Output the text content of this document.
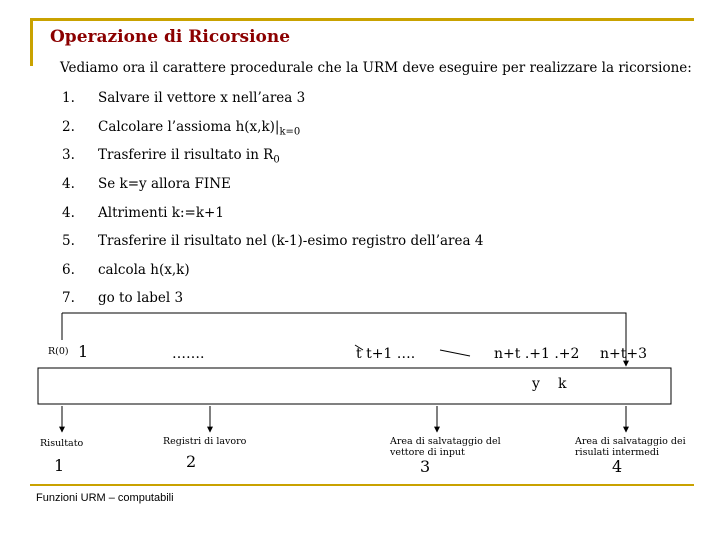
Operazione di Ricorsione
Vediamo ora il carattere procedurale che la URM deve eseguire per realizzare la ricorsione:
1. Salvare il vettore x nell’area 3
2. Calcolare l’assioma $h(x,k)|_{k=0}$
3. Trasferire il risultato in $R_0$
4. Se k=y allora FINE
4. Altrimenti k:=k+1
5. Trasferire il risultato nel (k-1)-esimo registro dell’area 4
6. calcola h(x,k)
7. go to label 3
R(0) 1	…….	t t+1 ….	n+t .+1 .+2 n+t+3
y k
Risultato
1
Registri di lavoro
2
Area di salvataggio del
vettore di input
3
Area di salvataggio dei
risulati intermedi
4
Funzioni URM – computabili
